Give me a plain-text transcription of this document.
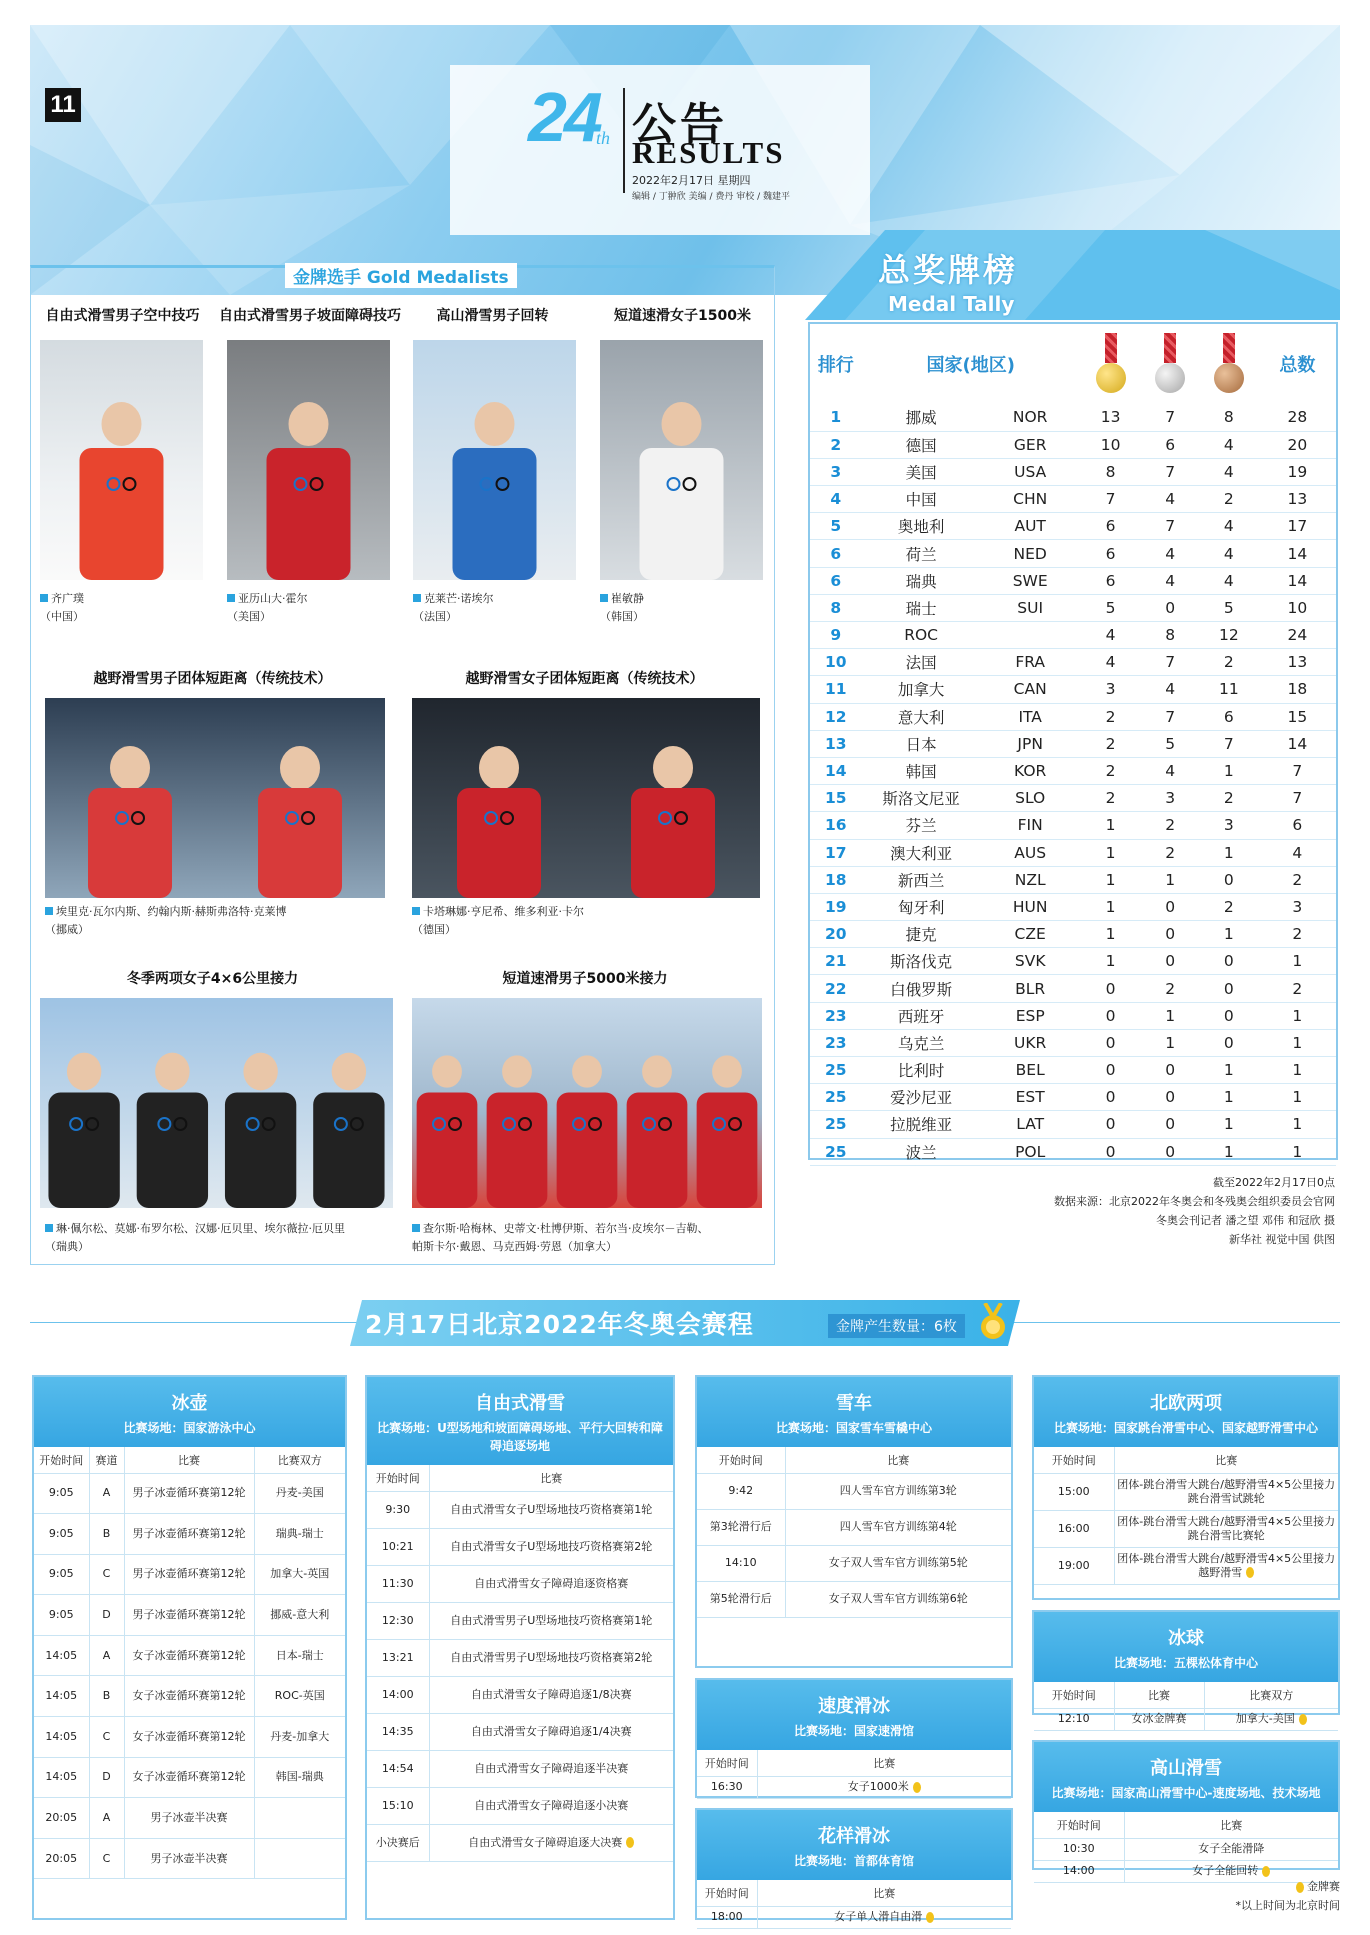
11	24
th 公告
RESULTS
2022年2月17日 星期四
编辑 / 丁翀欣 美编 / 费丹 审校 / 魏建平
金牌选手 Gold Medalists
自由式滑雪男子空中技巧
齐广璞
（中国）
自由式滑雪男子坡面障碍技巧
亚历山大·霍尔
（美国）
高山滑雪男子回转
克莱芒·诺埃尔
（法国）
短道速滑女子1500米
崔敏静
（韩国）
越野滑雪男子团体短距离（传统技术）
埃里克·瓦尔内斯、约翰内斯·赫斯弗洛特·克莱博
（挪威）
越野滑雪女子团体短距离（传统技术）
卡塔琳娜·亨尼希、维多利亚·卡尔
（德国）
冬季两项女子4×6公里接力
琳·佩尔松、莫娜·布罗尔松、汉娜·厄贝里、埃尔薇拉·厄贝里
（瑞典）
短道速滑男子5000米接力
查尔斯·哈梅林、史蒂文·杜博伊斯、若尔当·皮埃尔－吉勒、
帕斯卡尔·戴恩、马克西姆·劳恩（加拿大）
总奖牌榜
Medal Tally
排行	国家(地区)					总数
1	挪威	NOR	13	7	8	28
2	德国	GER	10	6	4	20
3	美国	USA	8	7	4	19
4	中国	CHN	7	4	2	13
5	奥地利	AUT	6	7	4	17
6	荷兰	NED	6	4	4	14
6	瑞典	SWE	6	4	4	14
8	瑞士	SUI	5	0	5	10
9	ROC		4	8	12	24
10	法国	FRA	4	7	2	13
11	加拿大	CAN	3	4	11	18
12	意大利	ITA	2	7	6	15
13	日本	JPN	2	5	7	14
14	韩国	KOR	2	4	1	7
15	斯洛文尼亚	SLO	2	3	2	7
16	芬兰	FIN	1	2	3	6
17	澳大利亚	AUS	1	2	1	4
18	新西兰	NZL	1	1	0	2
19	匈牙利	HUN	1	0	2	3
20	捷克	CZE	1	0	1	2
21	斯洛伐克	SVK	1	0	0	1
22	白俄罗斯	BLR	0	2	0	2
23	西班牙	ESP	0	1	0	1
23	乌克兰	UKR	0	1	0	1
25	比利时	BEL	0	0	1	1
25	爱沙尼亚	EST	0	0	1	1
25	拉脱维亚	LAT	0	0	1	1
25	波兰	POL	0	0	1	1
截至2022年2月17日0点
数据来源：北京2022年冬奥会和冬残奥会组织委员会官网
冬奥会刊记者 潘之望 邓伟 和冠欣 摄
新华社 视觉中国 供图
2月17日北京2022年冬奥会赛程	金牌产生数量：6枚
冰壶
比赛场地：国家游泳中心
开始时间	赛道	比赛	比赛双方
9:05	A	男子冰壶循环赛第12轮	丹麦-美国
9:05	B	男子冰壶循环赛第12轮	瑞典-瑞士
9:05	C	男子冰壶循环赛第12轮	加拿大-英国
9:05	D	男子冰壶循环赛第12轮	挪威-意大利
14:05	A	女子冰壶循环赛第12轮	日本-瑞士
14:05	B	女子冰壶循环赛第12轮	ROC-英国
14:05	C	女子冰壶循环赛第12轮	丹麦-加拿大
14:05	D	女子冰壶循环赛第12轮	韩国-瑞典
20:05	A	男子冰壶半决赛	
20:05	C	男子冰壶半决赛	
自由式滑雪
比赛场地：U型场地和坡面障碍场地、平行大回转和障碍追逐场地
开始时间	比赛
9:30	自由式滑雪女子U型场地技巧资格赛第1轮
10:21	自由式滑雪女子U型场地技巧资格赛第2轮
11:30	自由式滑雪女子障碍追逐资格赛
12:30	自由式滑雪男子U型场地技巧资格赛第1轮
13:21	自由式滑雪男子U型场地技巧资格赛第2轮
14:00	自由式滑雪女子障碍追逐1/8决赛
14:35	自由式滑雪女子障碍追逐1/4决赛
14:54	自由式滑雪女子障碍追逐半决赛
15:10	自由式滑雪女子障碍追逐小决赛
小决赛后	自由式滑雪女子障碍追逐大决赛
雪车
比赛场地：国家雪车雪橇中心
开始时间	比赛
9:42	四人雪车官方训练第3轮
第3轮滑行后	四人雪车官方训练第4轮
14:10	女子双人雪车官方训练第5轮
第5轮滑行后	女子双人雪车官方训练第6轮
速度滑冰
比赛场地：国家速滑馆
开始时间	比赛
16:30	女子1000米
花样滑冰
比赛场地：首都体育馆
开始时间	比赛
18:00	女子单人滑自由滑
北欧两项
比赛场地：国家跳台滑雪中心、国家越野滑雪中心
开始时间	比赛
15:00	团体-跳台滑雪大跳台/越野滑雪4×5公里接力 跳台滑雪试跳轮
16:00	团体-跳台滑雪大跳台/越野滑雪4×5公里接力 跳台滑雪比赛轮
19:00	团体-跳台滑雪大跳台/越野滑雪4×5公里接力 越野滑雪
冰球
比赛场地：五棵松体育中心
开始时间	比赛	比赛双方
12:10	女冰金牌赛	加拿大-美国
高山滑雪
比赛场地：国家高山滑雪中心-速度场地、技术场地
开始时间	比赛
10:30	女子全能滑降
14:00	女子全能回转
金牌赛
*以上时间为北京时间
